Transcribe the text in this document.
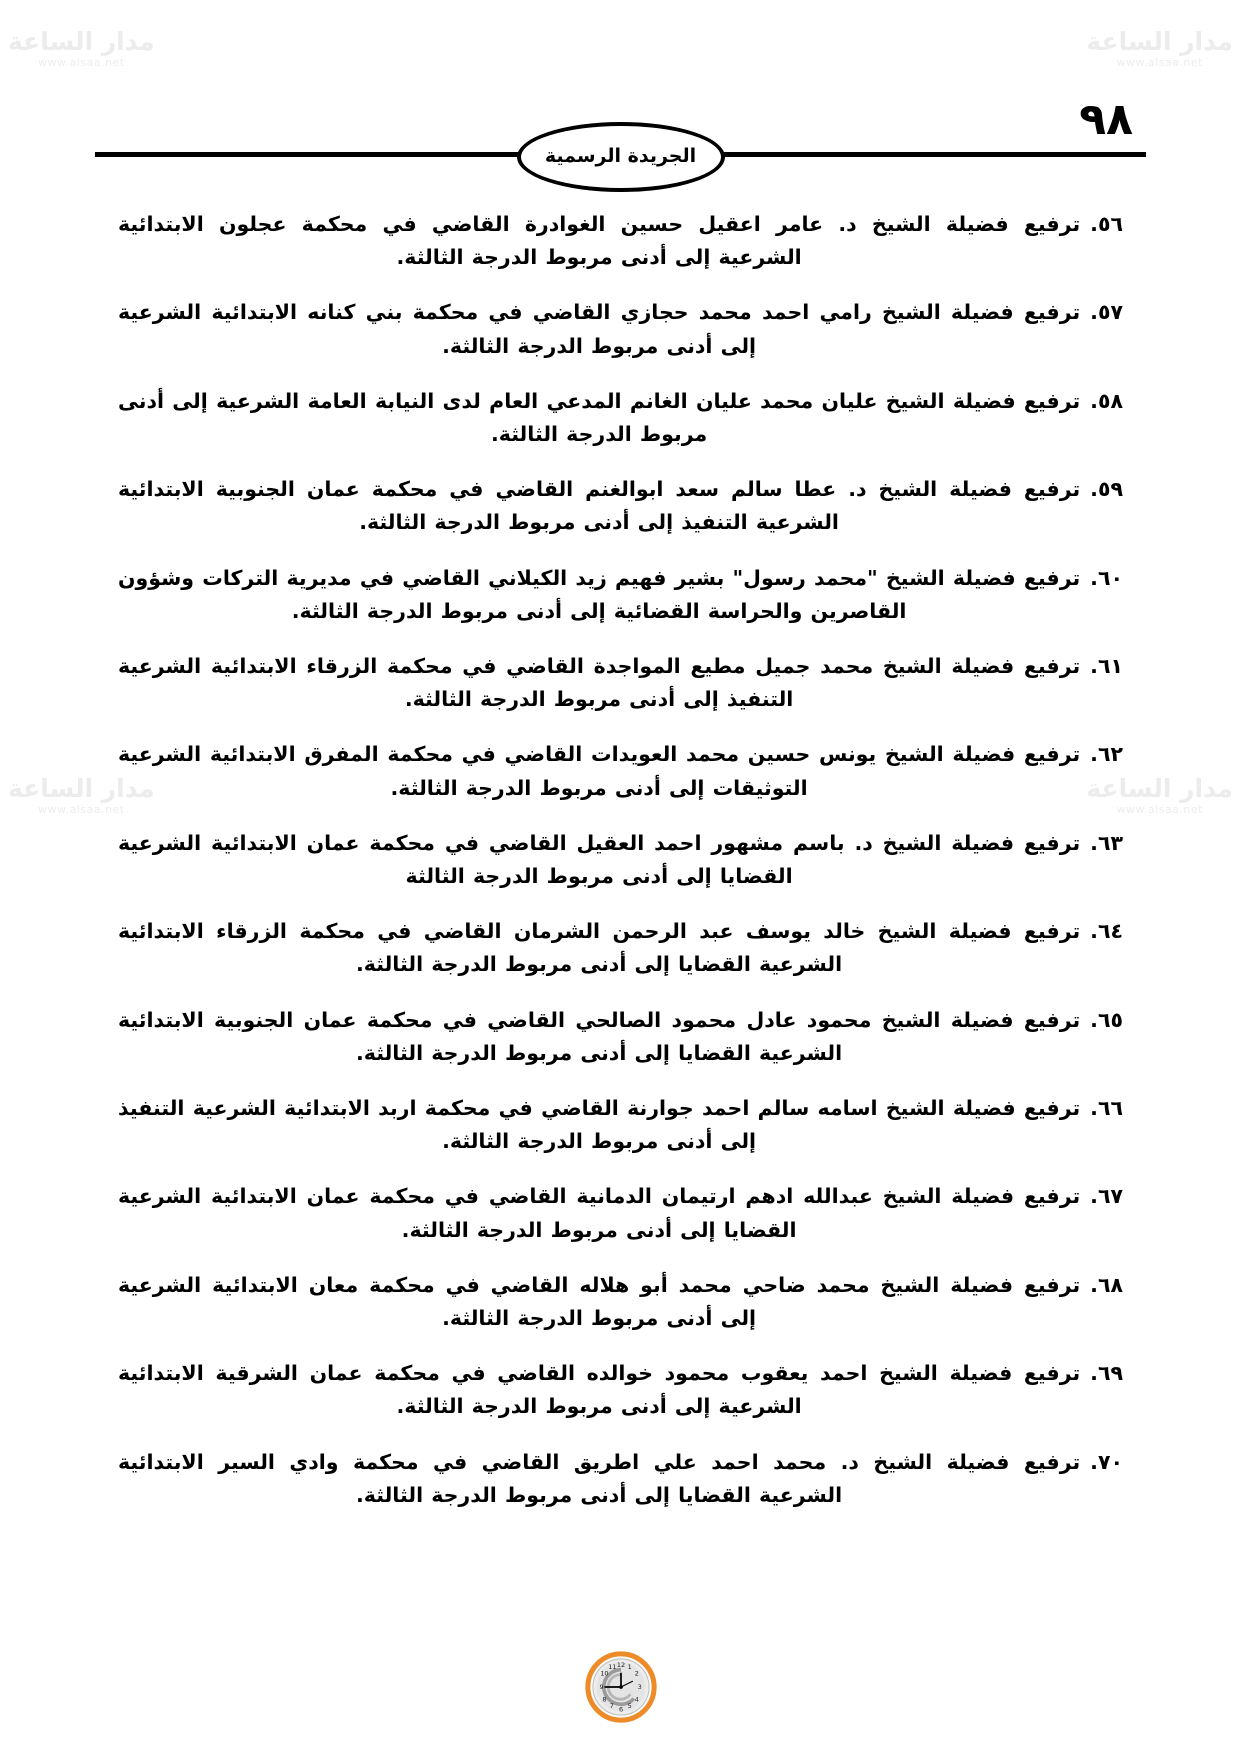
مدار الساعة
www.alsaa.net
مدار الساعة
www.alsaa.net
مدار الساعة
www.alsaa.net
مدار الساعة
www.alsaa.net
٩٨
الجريدة الرسمية
٥٦.
ترفيع فضيلة الشيخ د. عامر اعقيل حسين الغوادرة القاضي في محكمة عجلون الابتدائية الشرعية إلى أدنى مربوط الدرجة الثالثة.
٥٧.
ترفيع فضيلة الشيخ رامي احمد محمد حجازي القاضي في محكمة بني كنانه الابتدائية الشرعية إلى أدنى مربوط الدرجة الثالثة.
٥٨.
ترفيع فضيلة الشيخ عليان محمد عليان الغانم المدعي العام لدى النيابة العامة الشرعية إلى أدنى مربوط الدرجة الثالثة.
٥٩.
ترفيع فضيلة الشيخ د. عطا سالم سعد ابوالغنم القاضي في محكمة عمان الجنوبية الابتدائية الشرعية التنفيذ إلى أدنى مربوط الدرجة الثالثة.
٦٠.
ترفيع فضيلة الشيخ "محمد رسول" بشير فهيم زيد الكيلاني القاضي في مديرية التركات وشؤون القاصرين والحراسة القضائية إلى أدنى مربوط الدرجة الثالثة.
٦١.
ترفيع فضيلة الشيخ محمد جميل مطيع المواجدة القاضي في محكمة الزرقاء الابتدائية الشرعية التنفيذ إلى أدنى مربوط الدرجة الثالثة.
٦٢.
ترفيع فضيلة الشيخ يونس حسين محمد العويدات القاضي في محكمة المفرق الابتدائية الشرعية التوثيقات إلى أدنى مربوط الدرجة الثالثة.
٦٣.
ترفيع فضيلة الشيخ د. باسم مشهور احمد العقيل القاضي في محكمة عمان الابتدائية الشرعية القضايا إلى أدنى مربوط الدرجة الثالثة
٦٤.
ترفيع فضيلة الشيخ خالد يوسف عبد الرحمن الشرمان القاضي في محكمة الزرقاء الابتدائية الشرعية القضايا إلى أدنى مربوط الدرجة الثالثة.
٦٥.
ترفيع فضيلة الشيخ محمود عادل محمود الصالحي القاضي في محكمة عمان الجنوبية الابتدائية الشرعية القضايا إلى أدنى مربوط الدرجة الثالثة.
٦٦.
ترفيع فضيلة الشيخ اسامه سالم احمد جوارنة القاضي في محكمة اربد الابتدائية الشرعية التنفيذ إلى أدنى مربوط الدرجة الثالثة.
٦٧.
ترفيع فضيلة الشيخ عبدالله ادهم ارتيمان الدمانية القاضي في محكمة عمان الابتدائية الشرعية القضايا إلى أدنى مربوط الدرجة الثالثة.
٦٨.
ترفيع فضيلة الشيخ محمد ضاحي محمد أبو هلاله القاضي في محكمة معان الابتدائية الشرعية إلى أدنى مربوط الدرجة الثالثة.
٦٩.
ترفيع فضيلة الشيخ احمد يعقوب محمود خوالده القاضي في محكمة عمان الشرقية الابتدائية الشرعية إلى أدنى مربوط الدرجة الثالثة.
٧٠.
ترفيع فضيلة الشيخ د. محمد احمد علي اطريق القاضي في محكمة وادي السير الابتدائية الشرعية القضايا إلى أدنى مربوط الدرجة الثالثة.
12 1
2
3
4
5
6
7
8
9
10
11
